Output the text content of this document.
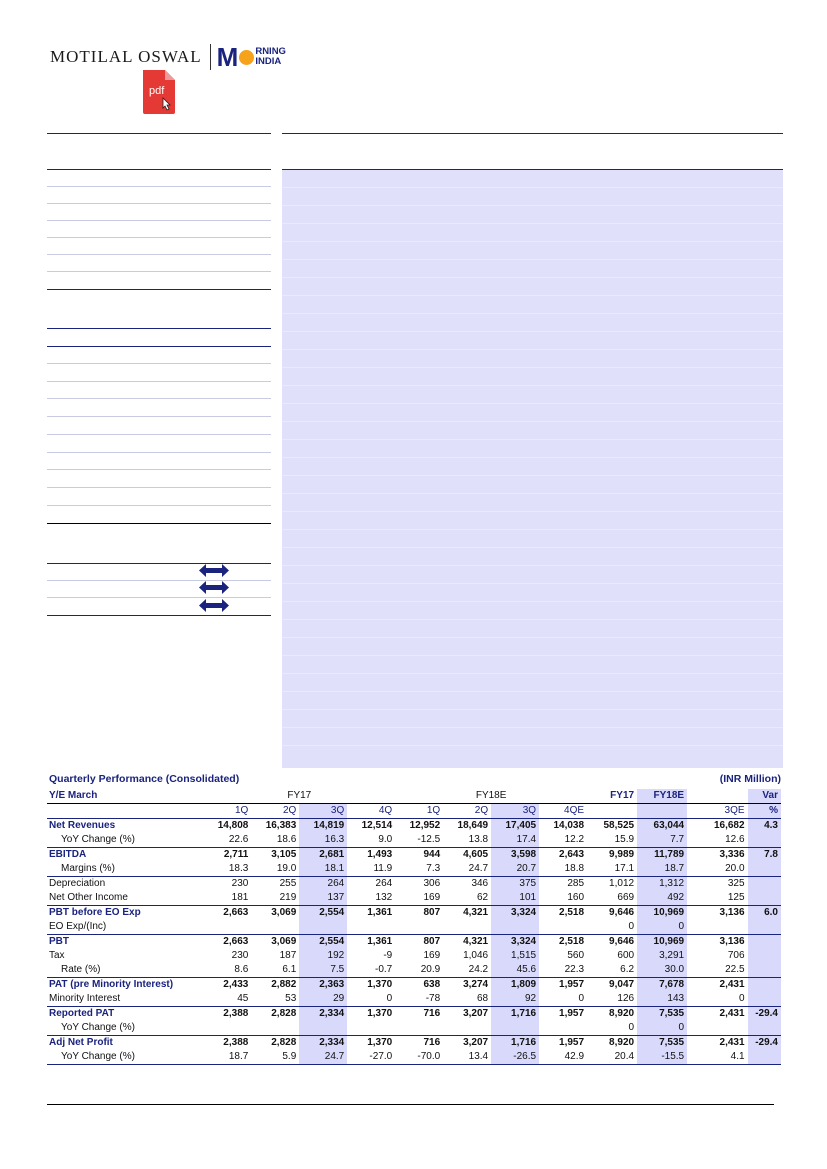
MOTILAL OSWAL M RNING
INDIA
pdf
Quarterly Performance (Consolidated)	(INR Million)
Y/E March	FY17				FY18E				FY17	FY18E		Var
	1Q	2Q	3Q	4Q	1Q	2Q	3Q	4QE			3QE	%
Net Revenues	14,808	16,383	14,819	12,514	12,952	18,649	17,405	14,038	58,525	63,044	16,682	4.3
YoY Change (%)	22.6	18.6	16.3	9.0	-12.5	13.8	17.4	12.2	15.9	7.7	12.6	
EBITDA	2,711	3,105	2,681	1,493	944	4,605	3,598	2,643	9,989	11,789	3,336	7.8
Margins (%)	18.3	19.0	18.1	11.9	7.3	24.7	20.7	18.8	17.1	18.7	20.0	
Depreciation	230	255	264	264	306	346	375	285	1,012	1,312	325	
Net Other Income	181	219	137	132	169	62	101	160	669	492	125	
PBT before EO Exp	2,663	3,069	2,554	1,361	807	4,321	3,324	2,518	9,646	10,969	3,136	6.0
EO Exp/(Inc)									0	0		
PBT	2,663	3,069	2,554	1,361	807	4,321	3,324	2,518	9,646	10,969	3,136	
Tax	230	187	192	-9	169	1,046	1,515	560	600	3,291	706	
Rate (%)	8.6	6.1	7.5	-0.7	20.9	24.2	45.6	22.3	6.2	30.0	22.5	
PAT (pre Minority Interest)	2,433	2,882	2,363	1,370	638	3,274	1,809	1,957	9,047	7,678	2,431	
Minority Interest	45	53	29	0	-78	68	92	0	126	143	0	
Reported PAT	2,388	2,828	2,334	1,370	716	3,207	1,716	1,957	8,920	7,535	2,431	-29.4
YoY Change (%)									0	0		
Adj Net Profit	2,388	2,828	2,334	1,370	716	3,207	1,716	1,957	8,920	7,535	2,431	-29.4
YoY Change (%)	18.7	5.9	24.7	-27.0	-70.0	13.4	-26.5	42.9	20.4	-15.5	4.1	
